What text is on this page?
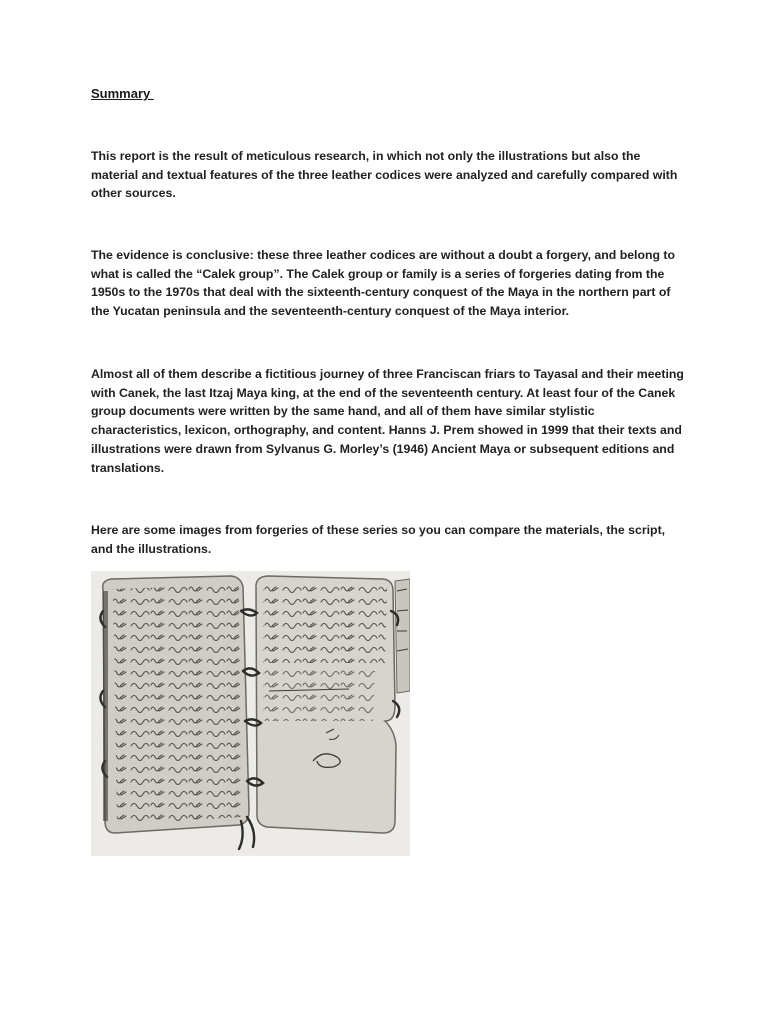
Summary
This report is the result of meticulous research, in which not only the illustrations but also the
material and textual features of the three leather codices were analyzed and carefully compared with
other sources.
The evidence is conclusive: these three leather codices are without a doubt a forgery, and belong to
what is called the “Calek group”. The Calek group or family is a series of forgeries dating from the
1950s to the 1970s that deal with the sixteenth-century conquest of the Maya in the northern part of
the Yucatan peninsula and the seventeenth-century conquest of the Maya interior.
Almost all of them describe a fictitious journey of three Franciscan friars to Tayasal and their meeting
with Canek, the last Itzaj Maya king, at the end of the seventeenth century. At least four of the Canek
group documents were written by the same hand, and all of them have similar stylistic
characteristics, lexicon, orthography, and content. Hanns J. Prem showed in 1999 that their texts and
illustrations were drawn from Sylvanus G. Morley’s (1946) Ancient Maya or subsequent editions and
translations.
Here are some images from forgeries of these series so you can compare the materials, the script,
and the illustrations.
